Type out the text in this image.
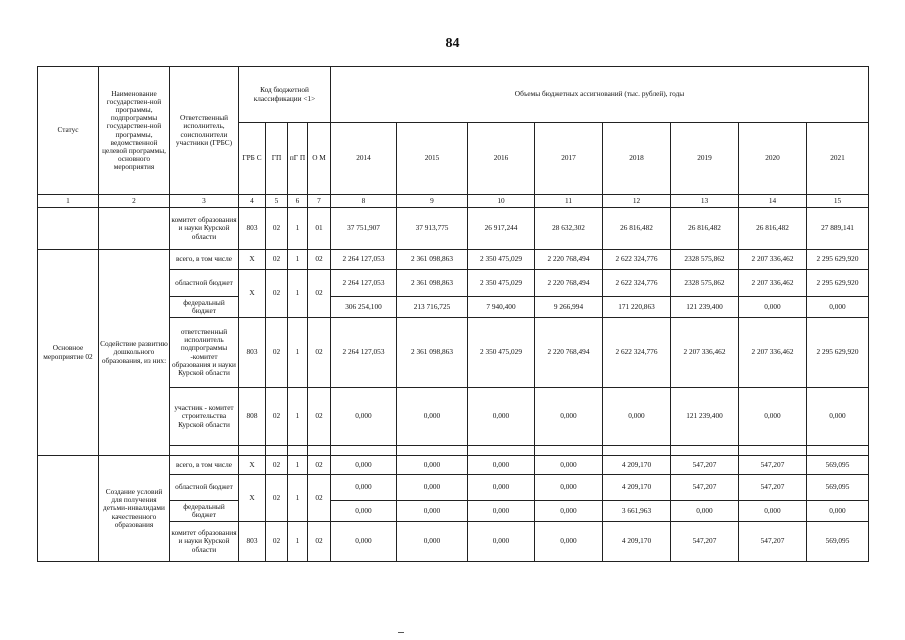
84
Статус	Наименование государствен-ной программы, подпрограммы государствен-ной программы, ведомственной целевой программы, основного мероприятия	Ответственный исполнитель, соисполнители участники (ГРБС)	Код бюджетной классификации <1>				Объемы бюджетных ассигнований (тыс. рублей), годы							
			ГРБ С	ГП	пГ П	О М	2014	2015	2016	2017	2018	2019	2020	2021
1	2	3	4	5	6	7	8	9	10	11	12	13	14	15
		комитет образования и науки Курской области	803	02	1	01	37 751,907	37 913,775	26 917,244	28 632,302	26 816,482	26 816,482	26 816,482	27 889,141
Основное мероприятие 02	Содействие развитию дошкольного образования, из них:	всего, в том числе	Х	02	1	02	2 264 127,053	2 361 098,863	2 350 475,029	2 220 768,494	2 622 324,776	2328 575,862	2 207 336,462	2 295 629,920
		областной бюджет	Х	02	1	02	2 264 127,053	2 361 098,863	2 350 475,029	2 220 768,494	2 622 324,776	2328 575,862	2 207 336,462	2 295 629,920
		федеральный бюджет					306 254,100	213 716,725	7 940,400	9 266,994	171 220,863	121 239,400	0,000	0,000
		ответственный исполнитель подпрограммы -комитет образования и науки Курской области	803	02	1	02	2 264 127,053	2 361 098,863	2 350 475,029	2 220 768,494	2 622 324,776	2 207 336,462	2 207 336,462	2 295 629,920
		участник - комитет строительства Курской области	808	02	1	02	0,000	0,000	0,000	0,000	0,000	121 239,400	0,000	0,000

	Создание условий для получения детьми-инвалидами качественного образования	всего, в том числе	Х	02	1	02	0,000	0,000	0,000	0,000	4 209,170	547,207	547,207	569,095
		областной бюджет	Х	02	1	02	0,000	0,000	0,000	0,000	4 209,170	547,207	547,207	569,095
		федеральный бюджет					0,000	0,000	0,000	0,000	3 661,963	0,000	0,000	0,000
		комитет образования и науки Курской области	803	02	1	02	0,000	0,000	0,000	0,000	4 209,170	547,207	547,207	569,095
